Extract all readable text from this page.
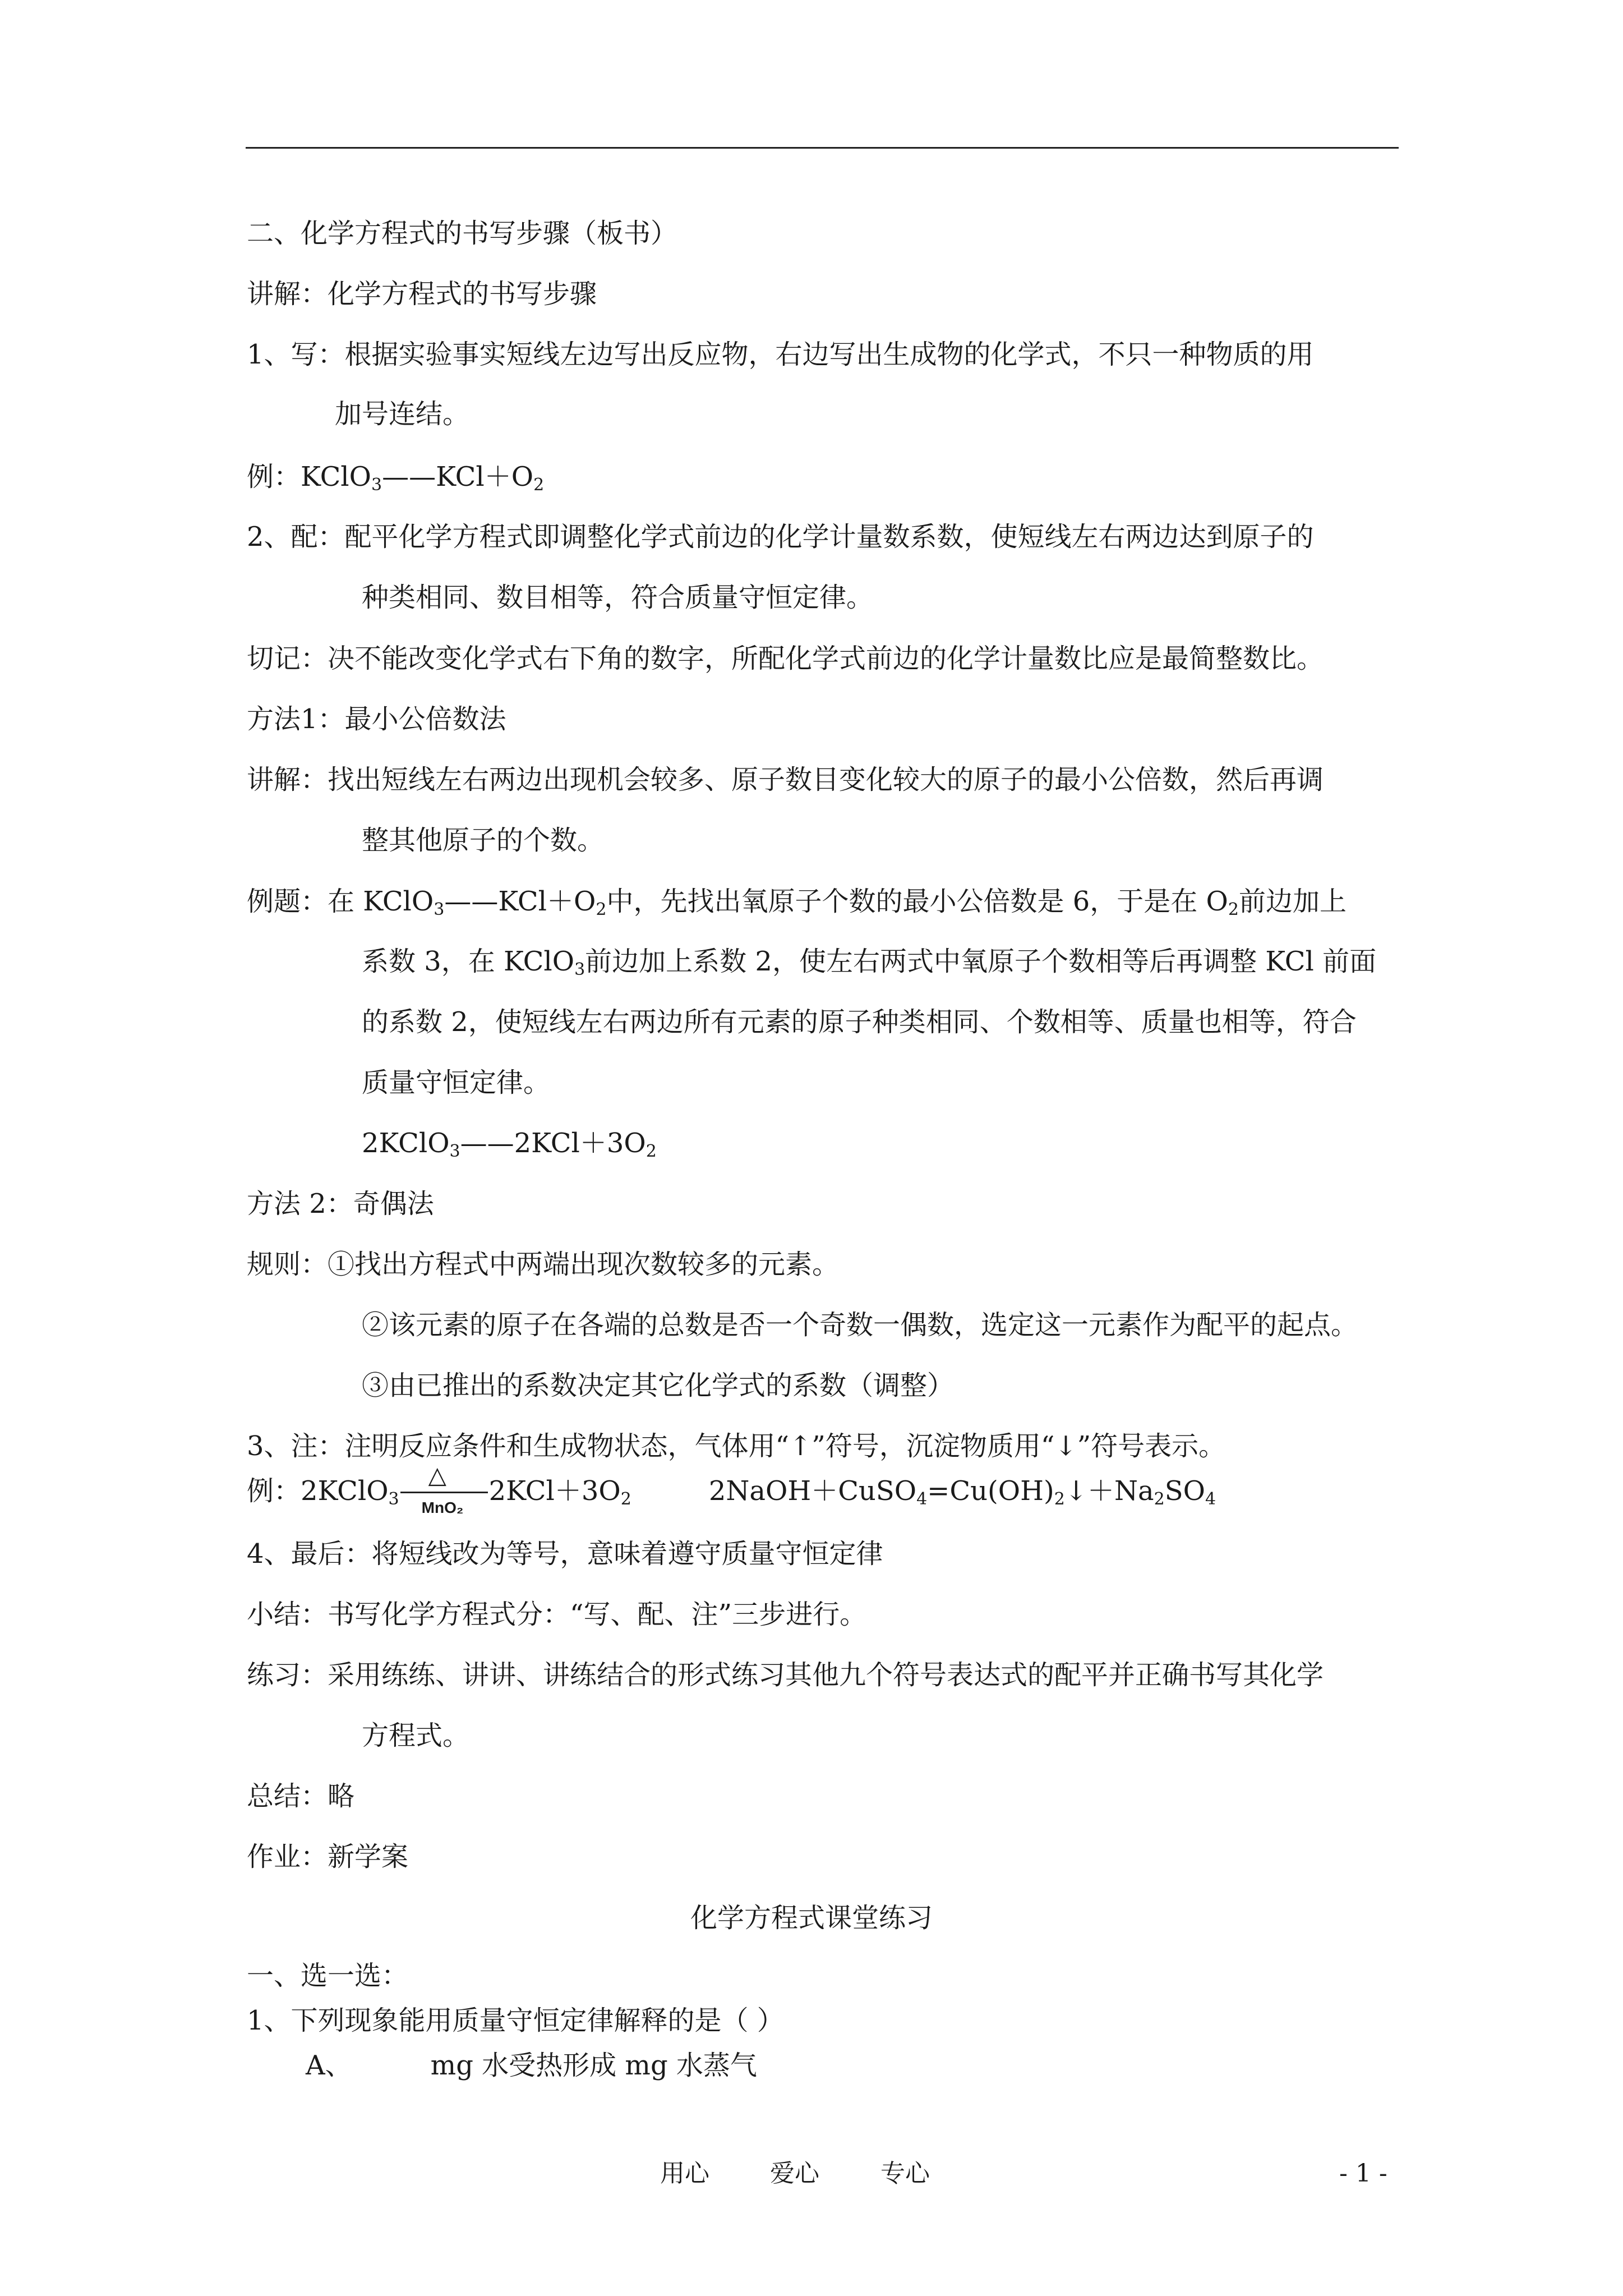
二、化学方程式的书写步骤（板书）
讲解：化学方程式的书写步骤
1、写：根据实验事实短线左边写出反应物，右边写出生成物的化学式，不只一种物质的用
加号连结。
例：$KClO_3——KCl+O_2$
2、配：配平化学方程式即调整化学式前边的化学计量数系数，使短线左右两边达到原子的
种类相同、数目相等，符合质量守恒定律。
切记：决不能改变化学式右下角的数字，所配化学式前边的化学计量数比应是最简整数比。
方法1：最小公倍数法
讲解：找出短线左右两边出现机会较多、原子数目变化较大的原子的最小公倍数，然后再调
整其他原子的个数。
例题：在 $KClO_3——KCl+O_2$中，先找出氧原子个数的最小公倍数是 6，于是在 $O_2$前边加上
系数 3，在 KClO$_3$前边加上系数 2，使左右两式中氧原子个数相等后再调整 KCl 前面
的系数 2，使短线左右两边所有元素的原子种类相同、个数相等、质量也相等，符合
质量守恒定律。
$2KClO_3——2KCl+3O_2$
方法 2：奇偶法
规则：①找出方程式中两端出现次数较多的元素。
②该元素的原子在各端的总数是否一个奇数一偶数，选定这一元素作为配平的起点。
③由已推出的系数决定其它化学式的系数（调整）
3、注：注明反应条件和生成物状态，气体用“↑”符号，沉淀物质用“↓”符号表示。
例：2KClO$_3$
△
MnO₂
$2KCl+3O_2$	$2NaOH+CuSO_4=Cu(OH)_2↓+Na_2SO_4$
4、最后：将短线改为等号，意味着遵守质量守恒定律
小结：书写化学方程式分：“写、配、注”三步进行。
练习：采用练练、讲讲、讲练结合的形式练习其他九个符号表达式的配平并正确书写其化学
方程式。
总结：略
作业：新学案
化学方程式课堂练习
一、选一选：
1、下列现象能用质量守恒定律解释的是（ ）
A、	mg 水受热形成 mg 水蒸气
用心 爱心 专心	- 1 -
